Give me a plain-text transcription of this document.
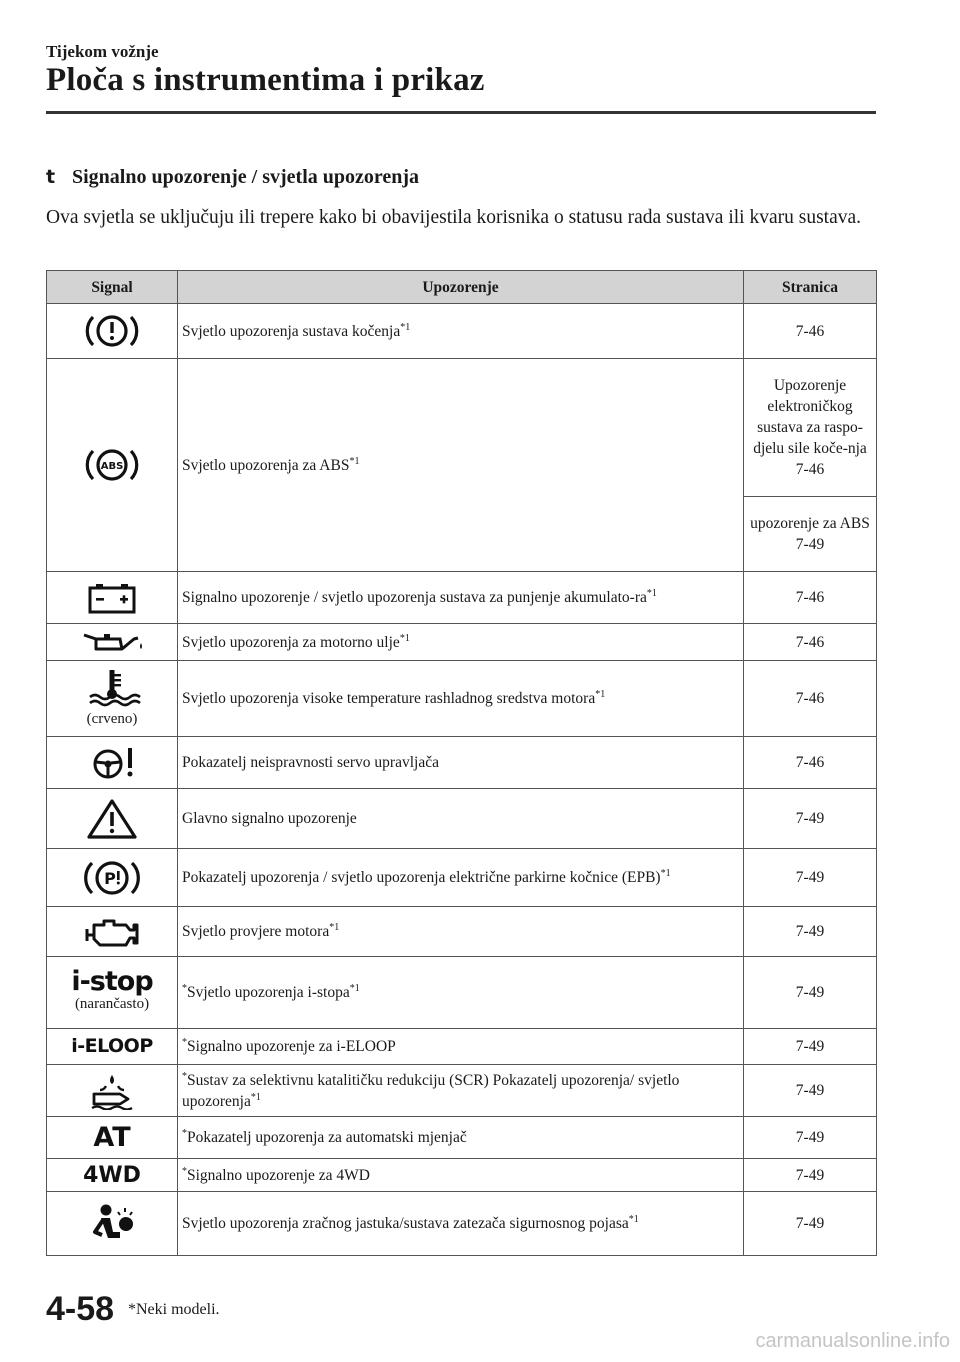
Tijekom vožnje
Ploča s instrumentima i prikaz
t Signalno upozorenje / svjetla upozorenja
Ova svjetla se uključuju ili trepere kako bi obavijestila korisnika o statusu rada sustava ili kvaru sustava.
Signal	Upozorenje	Stranica

	Svjetlo upozorenja sustava kočenja$^{*1}$	7-46

ABS	Svjetlo upozorenja za ABS$^{*1}$	Upozorenje elektroničkog sustava za raspo-djelu sile koče-nja 7-46
		upozorenje za ABS 7-49

	Signalno upozorenje / svjetlo upozorenja sustava za punjenje akumulato-$ra^{*1}$	7-46

	Svjetlo upozorenja za motorno ulje$^{*1}$	7-46

(crveno)	Svjetlo upozorenja visoke temperature rashladnog sredstva motora$^{*1}$	7-46

	Pokazatelj neispravnosti servo upravljača	7-46

	Glavno signalno upozorenje	7-49

P	Pokazatelj upozorenja / svjetlo upozorenja električne parkirne kočnice (EPB)$^{*1}$	7-49

	Svjetlo provjere motora$^{*1}$	7-49

i-stop
(narančasto)	*Svjetlo upozorenja i-stopa$^{*1}$	7-49

i-ELOOP	*Signalno upozorenje za i-ELOOP	7-49

	*Sustav za selektivnu katalitičku redukciju (SCR) Pokazatelj upozorenja/ svjetlo upozorenja$^{*1}$	7-49

AT	*Pokazatelj upozorenja za automatski mjenjač	7-49

4WD	*Signalno upozorenje za 4WD	7-49

	Svjetlo upozorenja zračnog jastuka/sustava zatezača sigurnosnog pojasa$^{*1}$	7-49
4-58 *Neki modeli.
carmanualsonline.info
